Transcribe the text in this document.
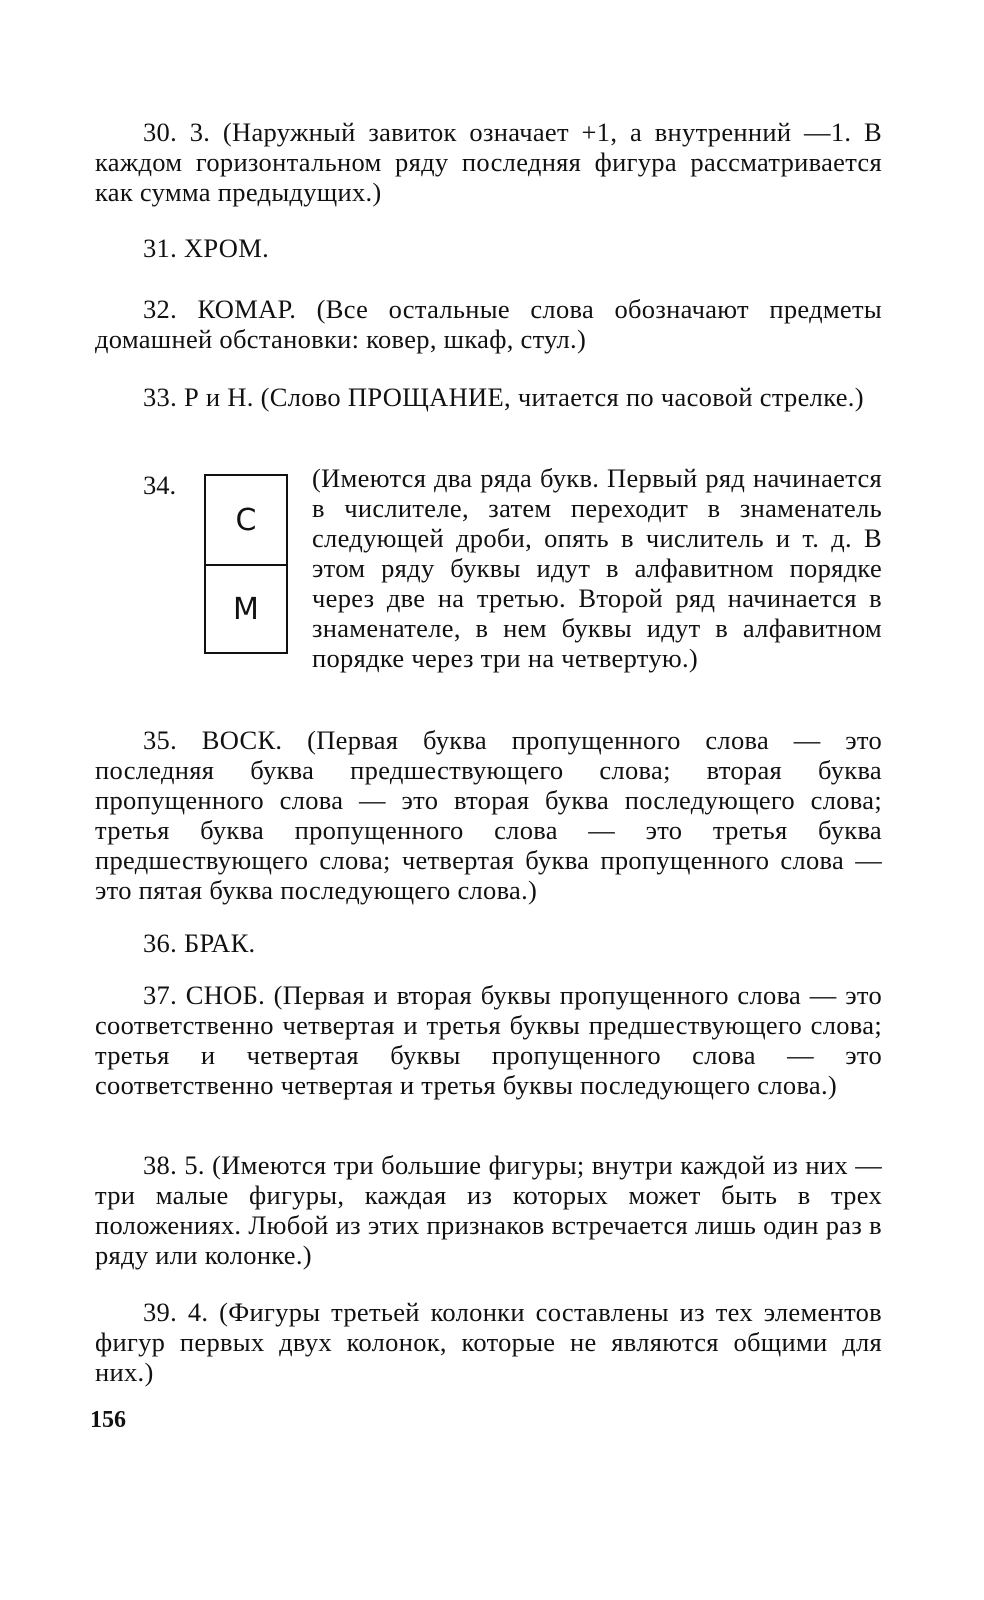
30. 3. (Наружный завиток означает +1, а внутренний —1. В каждом горизонтальном ряду последняя фигура рассматривается как сумма предыдущих.)

31. ХРОМ.

32. КОМАР. (Все остальные слова обозначают предметы домашней обстановки: ковер, шкаф, стул.)

33. Р и Н. (Слово ПРОЩАНИЕ, читается по часовой стрелке.)

34.
С
М

(Имеются два ряда букв. Первый ряд начинается в числителе, затем переходит в знаменатель следующей дроби, опять в числитель и т. д. В этом ряду буквы идут в алфавитном порядке через две на третью. Второй ряд начинается в знаменателе, в нем буквы идут в алфавитном порядке через три на четвертую.)

35. ВОСК. (Первая буква пропущенного слова — это последняя буква предшествующего слова; вторая буква пропущенного слова — это вторая буква последующего слова; третья буква пропущенного слова — это третья буква предшествующего слова; четвертая буква пропущенного слова — это пятая буква последующего слова.)

36. БРАК.

37. СНОБ. (Первая и вторая буквы пропущенного слова — это соответственно четвертая и третья буквы предшествующего слова; третья и четвертая буквы пропущенного слова — это соответственно четвертая и третья буквы последующего слова.)

38. 5. (Имеются три большие фигуры; внутри каждой из них — три малые фигуры, каждая из которых может быть в трех положениях. Любой из этих признаков встречается лишь один раз в ряду или колонке.)

39. 4. (Фигуры третьей колонки составлены из тех элементов фигур первых двух колонок, которые не являются общими для них.)

156
